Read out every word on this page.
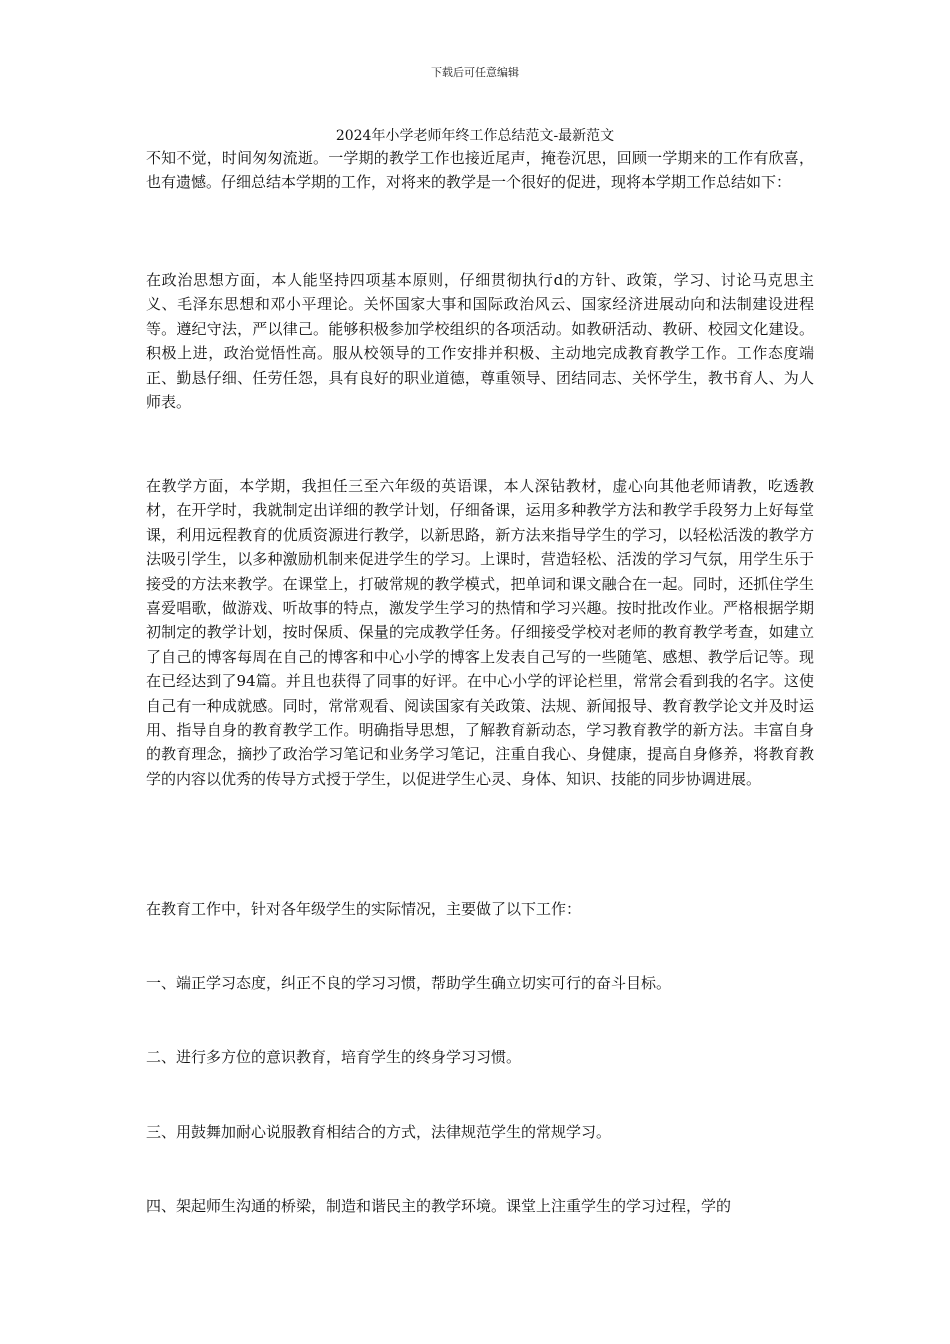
下载后可任意编辑
2024年小学老师年终工作总结范文-最新范文
不知不觉，时间匆匆流逝。一学期的教学工作也接近尾声，掩卷沉思，回顾一学期来的工作有欣喜，也有遗憾。仔细总结本学期的工作，对将来的教学是一个很好的促进，现将本学期工作总结如下：
在政治思想方面，本人能坚持四项基本原则，仔细贯彻执行d的方针、政策，学习、讨论马克思主义、毛泽东思想和邓小平理论。关怀国家大事和国际政治风云、国家经济进展动向和法制建设进程等。遵纪守法，严以律己。能够积极参加学校组织的各项活动。如教研活动、教研、校园文化建设。积极上进，政治觉悟性高。服从校领导的工作安排并积极、主动地完成教育教学工作。工作态度端正、勤恳仔细、任劳任怨，具有良好的职业道德，尊重领导、团结同志、关怀学生，教书育人、为人师表。
在教学方面，本学期，我担任三至六年级的英语课，本人深钻教材，虚心向其他老师请教，吃透教材，在开学时，我就制定出详细的教学计划，仔细备课，运用多种教学方法和教学手段努力上好每堂课，利用远程教育的优质资源进行教学，以新思路，新方法来指导学生的学习，以轻松活泼的教学方法吸引学生，以多种激励机制来促进学生的学习。上课时，营造轻松、活泼的学习气氛，用学生乐于接受的方法来教学。在课堂上，打破常规的教学模式，把单词和课文融合在一起。同时，还抓住学生喜爱唱歌，做游戏、听故事的特点，激发学生学习的热情和学习兴趣。按时批改作业。严格根据学期初制定的教学计划，按时保质、保量的完成教学任务。仔细接受学校对老师的教育教学考查，如建立了自己的博客每周在自己的博客和中心小学的博客上发表自己写的一些随笔、感想、教学后记等。现在已经达到了94篇。并且也获得了同事的好评。在中心小学的评论栏里，常常会看到我的名字。这使自己有一种成就感。同时，常常观看、阅读国家有关政策、法规、新闻报导、教育教学论文并及时运用、指导自身的教育教学工作。明确指导思想，了解教育新动态，学习教育教学的新方法。丰富自身的教育理念，摘抄了政治学习笔记和业务学习笔记，注重自我心、身健康，提高自身修养，将教育教学的内容以优秀的传导方式授于学生，以促进学生心灵、身体、知识、技能的同步协调进展。
在教育工作中，针对各年级学生的实际情况，主要做了以下工作：
一、端正学习态度，纠正不良的学习习惯，帮助学生确立切实可行的奋斗目标。
二、进行多方位的意识教育，培育学生的终身学习习惯。
三、用鼓舞加耐心说服教育相结合的方式，法律规范学生的常规学习。
四、架起师生沟通的桥梁，制造和谐民主的教学环境。课堂上注重学生的学习过程，学的
